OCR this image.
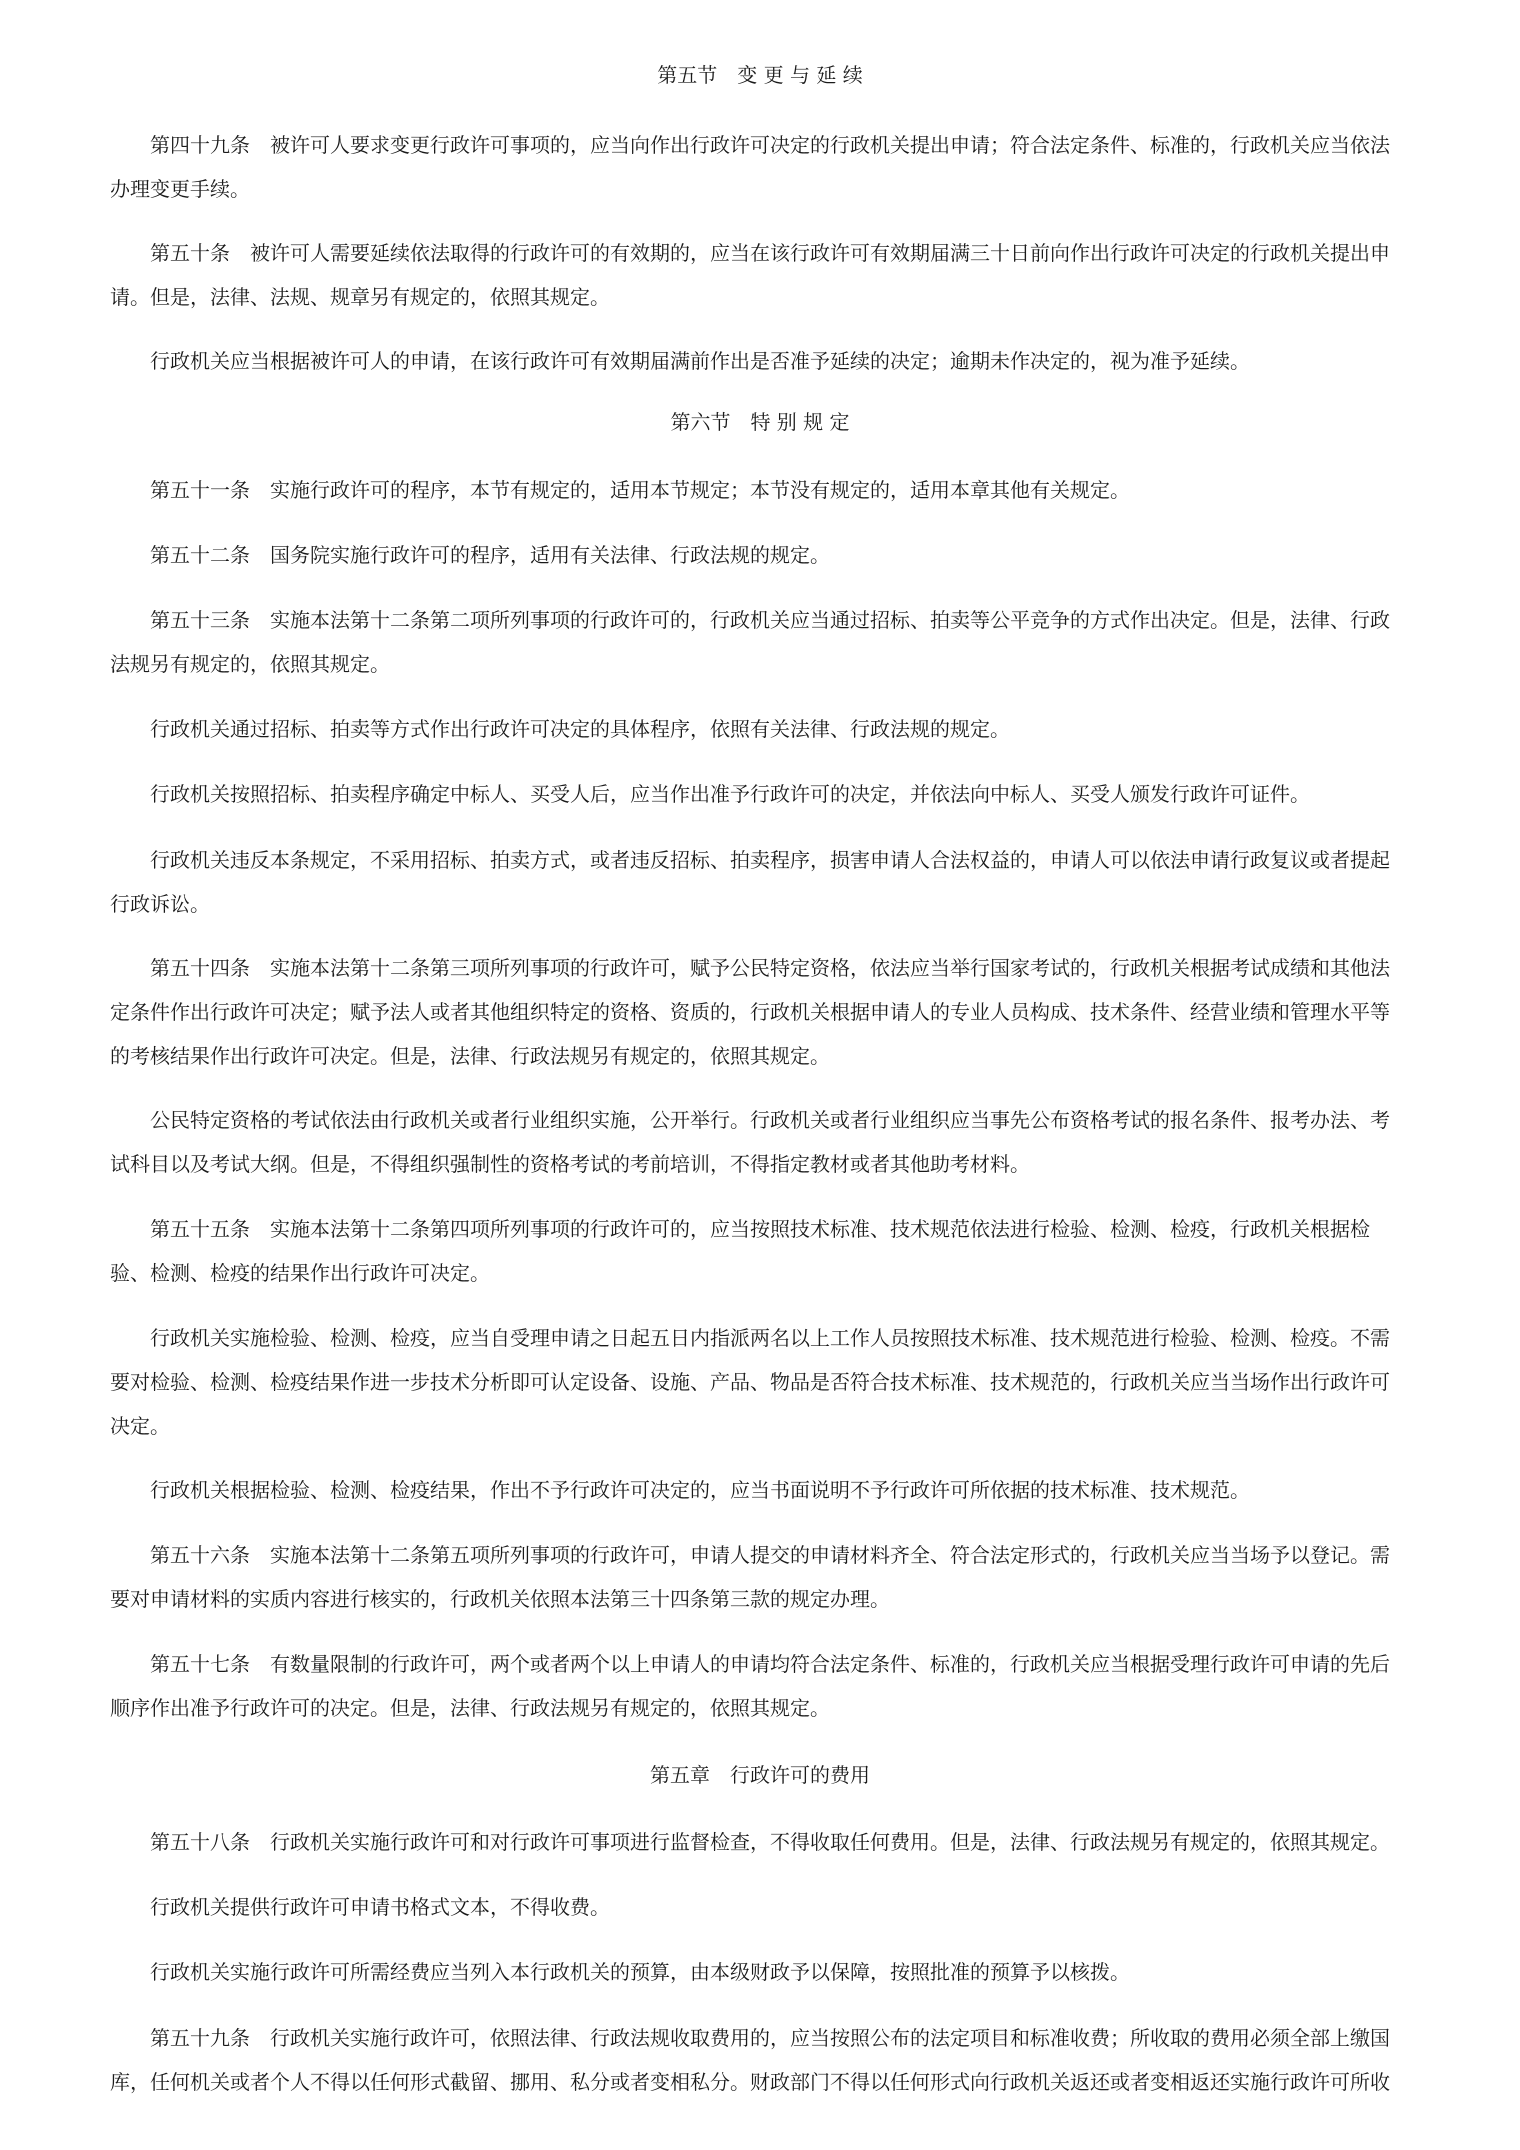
第五节　变 更 与 延 续
　　第四十九条　被许可人要求变更行政许可事项的，应当向作出行政许可决定的行政机关提出申请；符合法定条件、标准的，行政机关应当依法
办理变更手续。
　　第五十条　被许可人需要延续依法取得的行政许可的有效期的，应当在该行政许可有效期届满三十日前向作出行政许可决定的行政机关提出申
请。但是，法律、法规、规章另有规定的，依照其规定。
　　行政机关应当根据被许可人的申请，在该行政许可有效期届满前作出是否准予延续的决定；逾期未作决定的，视为准予延续。
第六节　特 别 规 定
　　第五十一条　实施行政许可的程序，本节有规定的，适用本节规定；本节没有规定的，适用本章其他有关规定。
　　第五十二条　国务院实施行政许可的程序，适用有关法律、行政法规的规定。
　　第五十三条　实施本法第十二条第二项所列事项的行政许可的，行政机关应当通过招标、拍卖等公平竞争的方式作出决定。但是，法律、行政
法规另有规定的，依照其规定。
　　行政机关通过招标、拍卖等方式作出行政许可决定的具体程序，依照有关法律、行政法规的规定。
　　行政机关按照招标、拍卖程序确定中标人、买受人后，应当作出准予行政许可的决定，并依法向中标人、买受人颁发行政许可证件。
　　行政机关违反本条规定，不采用招标、拍卖方式，或者违反招标、拍卖程序，损害申请人合法权益的，申请人可以依法申请行政复议或者提起
行政诉讼。
　　第五十四条　实施本法第十二条第三项所列事项的行政许可，赋予公民特定资格，依法应当举行国家考试的，行政机关根据考试成绩和其他法
定条件作出行政许可决定；赋予法人或者其他组织特定的资格、资质的，行政机关根据申请人的专业人员构成、技术条件、经营业绩和管理水平等
的考核结果作出行政许可决定。但是，法律、行政法规另有规定的，依照其规定。
　　公民特定资格的考试依法由行政机关或者行业组织实施，公开举行。行政机关或者行业组织应当事先公布资格考试的报名条件、报考办法、考
试科目以及考试大纲。但是，不得组织强制性的资格考试的考前培训，不得指定教材或者其他助考材料。
　　第五十五条　实施本法第十二条第四项所列事项的行政许可的，应当按照技术标准、技术规范依法进行检验、检测、检疫，行政机关根据检
验、检测、检疫的结果作出行政许可决定。
　　行政机关实施检验、检测、检疫，应当自受理申请之日起五日内指派两名以上工作人员按照技术标准、技术规范进行检验、检测、检疫。不需
要对检验、检测、检疫结果作进一步技术分析即可认定设备、设施、产品、物品是否符合技术标准、技术规范的，行政机关应当当场作出行政许可
决定。
　　行政机关根据检验、检测、检疫结果，作出不予行政许可决定的，应当书面说明不予行政许可所依据的技术标准、技术规范。
　　第五十六条　实施本法第十二条第五项所列事项的行政许可，申请人提交的申请材料齐全、符合法定形式的，行政机关应当当场予以登记。需
要对申请材料的实质内容进行核实的，行政机关依照本法第三十四条第三款的规定办理。
　　第五十七条　有数量限制的行政许可，两个或者两个以上申请人的申请均符合法定条件、标准的，行政机关应当根据受理行政许可申请的先后
顺序作出准予行政许可的决定。但是，法律、行政法规另有规定的，依照其规定。
第五章　行政许可的费用
　　第五十八条　行政机关实施行政许可和对行政许可事项进行监督检查，不得收取任何费用。但是，法律、行政法规另有规定的，依照其规定。
　　行政机关提供行政许可申请书格式文本，不得收费。
　　行政机关实施行政许可所需经费应当列入本行政机关的预算，由本级财政予以保障，按照批准的预算予以核拨。
　　第五十九条　行政机关实施行政许可，依照法律、行政法规收取费用的，应当按照公布的法定项目和标准收费；所收取的费用必须全部上缴国
库，任何机关或者个人不得以任何形式截留、挪用、私分或者变相私分。财政部门不得以任何形式向行政机关返还或者变相返还实施行政许可所收
